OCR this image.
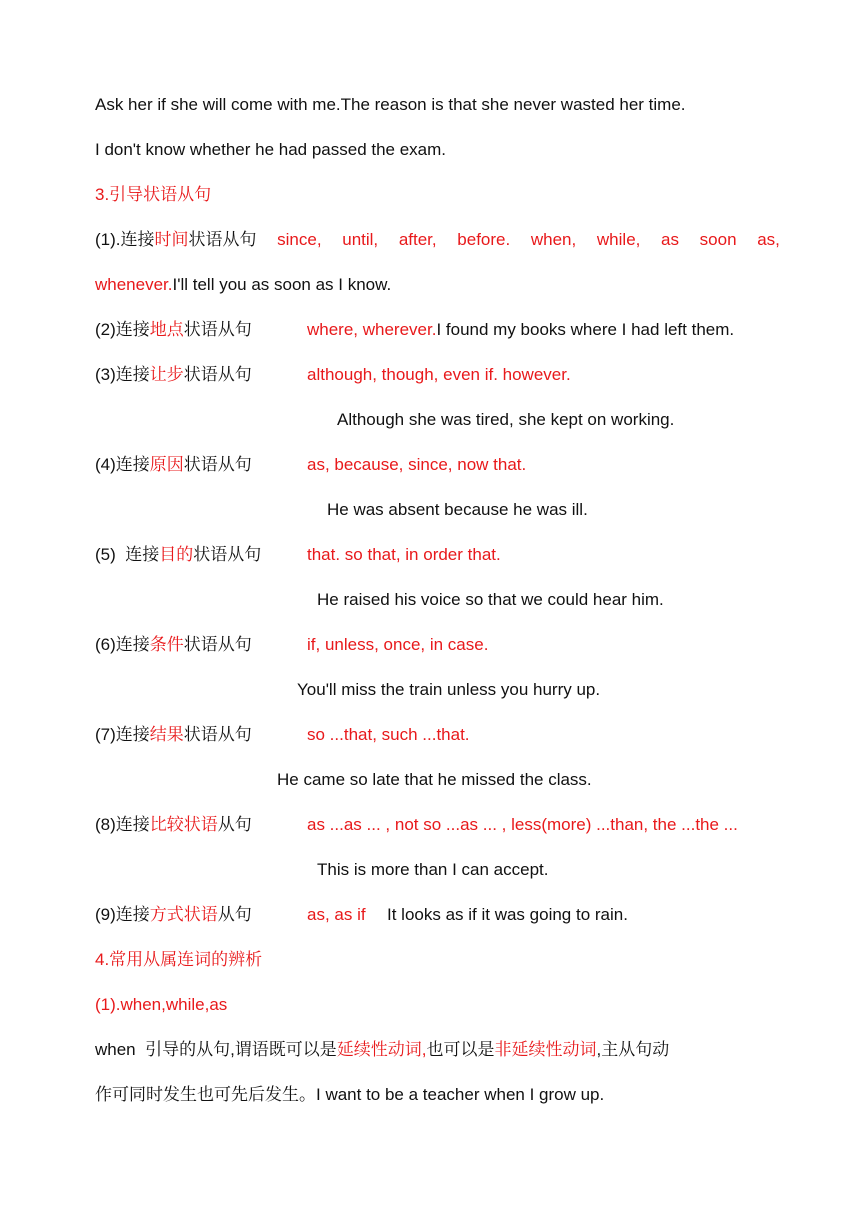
Ask her if she will come with me.The reason is that she never wasted her time.
I don't know whether he had passed the exam.
3.引导状语从句
(1).连接时间状语从句 since, until, after, before. when, while, as soon as,
whenever.I'll tell you as soon as I know.
(2)连接地点状语从句	where, wherever.I found my books where I had left them.
(3)连接让步状语从句	although, though, even if. however.
Although she was tired, she kept on working.
(4)连接原因状语从句	as, because, since, now that.
He was absent because he was ill.
(5)  连接目的状语从句	that. so that, in order that.
He raised his voice so that we could hear him.
(6)连接条件状语从句	if, unless, once, in case.
You'll miss the train unless you hurry up.
(7)连接结果状语从句	so ...that, such ...that.
He came so late that he missed the class.
(8)连接比较状语从句	as ...as ... , not so ...as ... , less(more) ...than, the ...the ...
This is more than I can accept.
(9)连接方式状语从句	as, as if It looks as if it was going to rain.
4.常用从属连词的辨析
(1).when,while,as
when  引导的从句,谓语既可以是延续性动词,也可以是非延续性动词,主从句动
作可同时发生也可先后发生。I want to be a teacher when I grow up.
